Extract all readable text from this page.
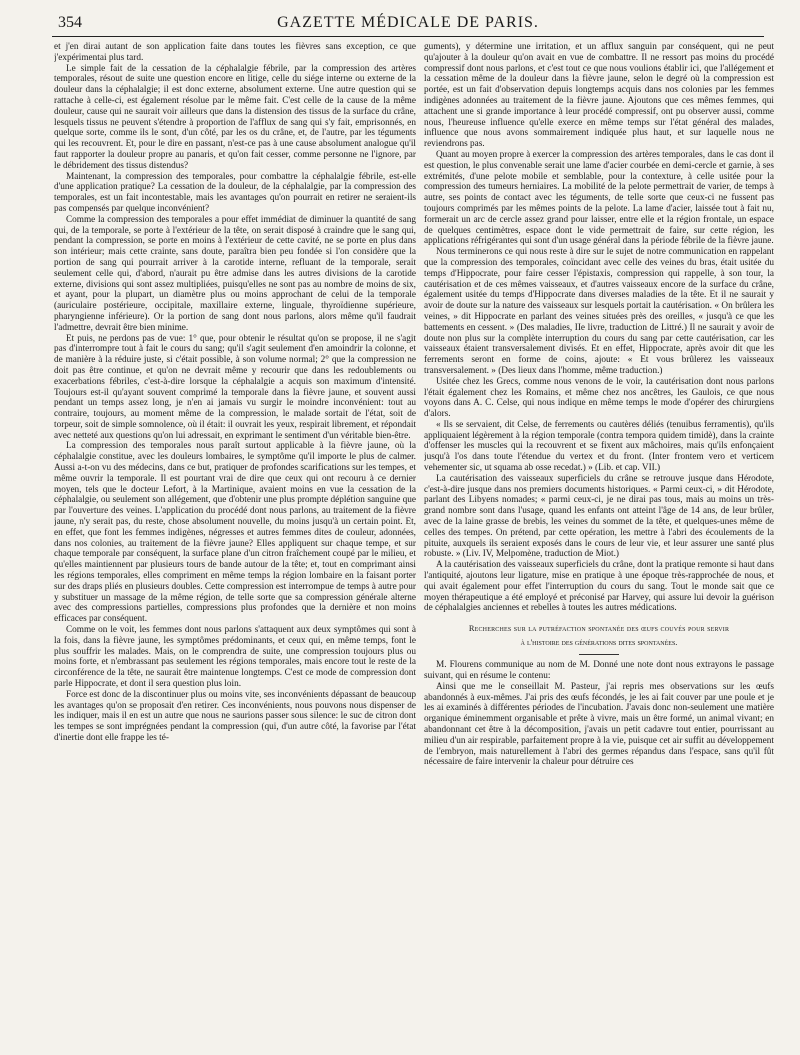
354	GAZETTE MÉDICALE DE PARIS.

et j'en dirai autant de son application faite dans toutes les fièvres sans exception, ce que j'expérimentai plus tard.

Le simple fait de la cessation de la céphalalgie fébrile, par la compression des artères temporales, résout de suite une question encore en litige, celle du siége interne ou externe de la douleur dans la céphalalgie; il est donc externe, absolument externe. Une autre question qui se rattache à celle-ci, est également résolue par le même fait. C'est celle de la cause de la même douleur, cause qui ne saurait voir ailleurs que dans la distension des tissus de la surface du crâne, lesquels tissus ne peuvent s'étendre à proportion de l'afflux de sang qui s'y fait, emprisonnés, en quelque sorte, comme ils le sont, d'un côté, par les os du crâne, et, de l'autre, par les téguments qui les recouvrent. Et, pour le dire en passant, n'est-ce pas à une cause absolument analogue qu'il faut rapporter la douleur propre au panaris, et qu'on fait cesser, comme personne ne l'ignore, par le débridement des tissus distendus?

Maintenant, la compression des temporales, pour combattre la céphalalgie fébrile, est-elle d'une application pratique? La cessation de la douleur, de la céphalalgie, par la compression des temporales, est un fait incontestable, mais les avantages qu'on pourrait en retirer ne seraient-ils pas compensés par quelque inconvénient?

Comme la compression des temporales a pour effet immédiat de diminuer la quantité de sang qui, de la temporale, se porte à l'extérieur de la tête, on serait disposé à craindre que le sang qui, pendant la compression, se porte en moins à l'extérieur de cette cavité, ne se porte en plus dans son intérieur; mais cette crainte, sans doute, paraîtra bien peu fondée si l'on considère que la portion de sang qui pourrait arriver à la carotide interne, refluant de la temporale, serait seulement celle qui, d'abord, n'aurait pu être admise dans les autres divisions de la carotide externe, divisions qui sont assez multipliées, puisqu'elles ne sont pas au nombre de moins de six, et ayant, pour la plupart, un diamètre plus ou moins approchant de celui de la temporale (auriculaire postérieure, occipitale, maxillaire externe, linguale, thyroïdienne supérieure, pharyngienne inférieure). Or la portion de sang dont nous parlons, alors même qu'il faudrait l'admettre, devrait être bien minime.

Et puis, ne perdons pas de vue: 1° que, pour obtenir le résultat qu'on se propose, il ne s'agit pas d'interrompre tout à fait le cours du sang; qu'il s'agit seulement d'en amoindrir la colonne, et de manière à la réduire juste, si c'était possible, à son volume normal; 2° que la compression ne doit pas être continue, et qu'on ne devrait même y recourir que dans les redoublements ou exacerbations fébriles, c'est-à-dire lorsque la céphalalgie a acquis son maximum d'intensité. Toujours est-il qu'ayant souvent comprimé la temporale dans la fièvre jaune, et souvent aussi pendant un temps assez long, je n'en ai jamais vu surgir le moindre inconvénient: tout au contraire, toujours, au moment même de la compression, le malade sortait de l'état, soit de torpeur, soit de simple somnolence, où il était: il ouvrait les yeux, respirait librement, et répondait avec netteté aux questions qu'on lui adressait, en exprimant le sentiment d'un véritable bien-être.

La compression des temporales nous paraît surtout applicable à la fièvre jaune, où la céphalalgie constitue, avec les douleurs lombaires, le symptôme qu'il importe le plus de calmer. Aussi a-t-on vu des médecins, dans ce but, pratiquer de profondes scarifications sur les tempes, et même ouvrir la temporale. Il est pourtant vrai de dire que ceux qui ont recouru à ce dernier moyen, tels que le docteur Lefort, à la Martinique, avaient moins en vue la cessation de la céphalalgie, ou seulement son allégement, que d'obtenir une plus prompte déplétion sanguine que par l'ouverture des veines. L'application du procédé dont nous parlons, au traitement de la fièvre jaune, n'y serait pas, du reste, chose absolument nouvelle, du moins jusqu'à un certain point. Et, en effet, que font les femmes indigènes, négresses et autres femmes dites de couleur, adonnées, dans nos colonies, au traitement de la fièvre jaune? Elles appliquent sur chaque tempe, et sur chaque temporale par conséquent, la surface plane d'un citron fraîchement coupé par le milieu, et qu'elles maintiennent par plusieurs tours de bande autour de la tête; et, tout en comprimant ainsi les régions temporales, elles compriment en même temps la région lombaire en la faisant porter sur des draps pliés en plusieurs doubles. Cette compression est interrompue de temps à autre pour y substituer un massage de la même région, de telle sorte que sa compression générale alterne avec des compressions partielles, compressions plus profondes que la dernière et non moins efficaces par conséquent.

Comme on le voit, les femmes dont nous parlons s'attaquent aux deux symptômes qui sont à la fois, dans la fièvre jaune, les symptômes prédominants, et ceux qui, en même temps, font le plus souffrir les malades. Mais, on le comprendra de suite, une compression toujours plus ou moins forte, et n'embrassant pas seulement les régions temporales, mais encore tout le reste de la circonférence de la tête, ne saurait être maintenue longtemps. C'est ce mode de compression dont parle Hippocrate, et dont il sera question plus loin.

Force est donc de la discontinuer plus ou moins vite, ses inconvénients dépassant de beaucoup les avantages qu'on se proposait d'en retirer. Ces inconvénients, nous pouvons nous dispenser de les indiquer, mais il en est un autre que nous ne saurions passer sous silence: le suc de citron dont les tempes se sont imprégnées pendant la compression (qui, d'un autre côté, la favorise par l'état d'inertie dont elle frappe les té-

guments), y détermine une irritation, et un afflux sanguin par conséquent, qui ne peut qu'ajouter à la douleur qu'on avait en vue de combattre. Il ne ressort pas moins du procédé compressif dont nous parlons, et c'est tout ce que nous voulions établir ici, que l'allégement et la cessation même de la douleur dans la fièvre jaune, selon le degré où la compression est portée, est un fait d'observation depuis longtemps acquis dans nos colonies par les femmes indigènes adonnées au traitement de la fièvre jaune. Ajoutons que ces mêmes femmes, qui attachent une si grande importance à leur procédé compressif, ont pu observer aussi, comme nous, l'heureuse influence qu'elle exerce en même temps sur l'état général des malades, influence que nous avons sommairement indiquée plus haut, et sur laquelle nous ne reviendrons pas.

Quant au moyen propre à exercer la compression des artères temporales, dans le cas dont il est question, le plus convenable serait une lame d'acier courbée en demi-cercle et garnie, à ses extrémités, d'une pelote mobile et semblable, pour la contexture, à celle usitée pour la compression des tumeurs herniaires. La mobilité de la pelote permettrait de varier, de temps à autre, ses points de contact avec les téguments, de telle sorte que ceux-ci ne fussent pas toujours comprimés par les mêmes points de la pelote. La lame d'acier, laissée tout à fait nu, formerait un arc de cercle assez grand pour laisser, entre elle et la région frontale, un espace de quelques centimètres, espace dont le vide permettrait de faire, sur cette région, les applications réfrigérantes qui sont d'un usage général dans la période fébrile de la fièvre jaune.

Nous terminerons ce qui nous reste à dire sur le sujet de notre communication en rappelant que la compression des temporales, coïncidant avec celle des veines du bras, était usitée du temps d'Hippocrate, pour faire cesser l'épistaxis, compression qui rappelle, à son tour, la cautérisation et de ces mêmes vaisseaux, et d'autres vaisseaux encore de la surface du crâne, également usitée du temps d'Hippocrate dans diverses maladies de la tête. Et il ne saurait y avoir de doute sur la nature des vaisseaux sur lesquels portait la cautérisation. « On brûlera les veines, » dit Hippocrate en parlant des veines situées près des oreilles, « jusqu'à ce que les battements en cessent. » (Des maladies, IIe livre, traduction de Littré.) Il ne saurait y avoir de doute non plus sur la complète interruption du cours du sang par cette cautérisation, car les vaisseaux étaient transversalement divisés. Et en effet, Hippocrate, après avoir dit que les ferrements seront en forme de coins, ajoute: « Et vous brûlerez les vaisseaux transversalement. » (Des lieux dans l'homme, même traduction.)

Usitée chez les Grecs, comme nous venons de le voir, la cautérisation dont nous parlons l'était également chez les Romains, et même chez nos ancêtres, les Gaulois, ce que nous voyons dans A. C. Celse, qui nous indique en même temps le mode d'opérer des chirurgiens d'alors.

« Ils se servaient, dit Celse, de ferrements ou cautères déliés (tenuibus ferramentis), qu'ils appliquaient légèrement à la région temporale (contra tempora quidem timidè), dans la crainte d'offenser les muscles qui la recouvrent et se fixent aux mâchoires, mais qu'ils enfonçaient jusqu'à l'os dans toute l'étendue du vertex et du front. (Inter frontem vero et verticem vehementer sic, ut squama ab osse recedat.) » (Lib. et cap. VII.)

La cautérisation des vaisseaux superficiels du crâne se retrouve jusque dans Hérodote, c'est-à-dire jusque dans nos premiers documents historiques. « Parmi ceux-ci, » dit Hérodote, parlant des Libyens nomades; « parmi ceux-ci, je ne dirai pas tous, mais au moins un très-grand nombre sont dans l'usage, quand les enfants ont atteint l'âge de 14 ans, de leur brûler, avec de la laine grasse de brebis, les veines du sommet de la tête, et quelques-unes même de celles des tempes. On prétend, par cette opération, les mettre à l'abri des écoulements de la pituite, auxquels ils seraient exposés dans le cours de leur vie, et leur assurer une santé plus robuste. » (Liv. IV, Melpomène, traduction de Miot.)

A la cautérisation des vaisseaux superficiels du crâne, dont la pratique remonte si haut dans l'antiquité, ajoutons leur ligature, mise en pratique à une époque très-rapprochée de nous, et qui avait également pour effet l'interruption du cours du sang. Tout le monde sait que ce moyen thérapeutique a été employé et préconisé par Harvey, qui assure lui devoir la guérison de céphalalgies anciennes et rebelles à toutes les autres médications.

Recherches sur la putréfaction spontanée des œufs couvés pour servir
à l'histoire des générations dites spontanées.

M. Flourens communique au nom de M. Donné une note dont nous extrayons le passage suivant, qui en résume le contenu:

Ainsi que me le conseillait M. Pasteur, j'ai repris mes observations sur les œufs abandonnés à eux-mêmes. J'ai pris des œufs fécondés, je les ai fait couver par une poule et je les ai examinés à différentes périodes de l'incubation. J'avais donc non-seulement une matière organique éminemment organisable et prête à vivre, mais un être formé, un animal vivant; en abandonnant cet être à la décomposition, j'avais un petit cadavre tout entier, pourrissant au milieu d'un air respirable, parfaitement propre à la vie, puisque cet air suffit au développement de l'embryon, mais naturellement à l'abri des germes répandus dans l'espace, sans qu'il fût nécessaire de faire intervenir la chaleur pour détruire ces
